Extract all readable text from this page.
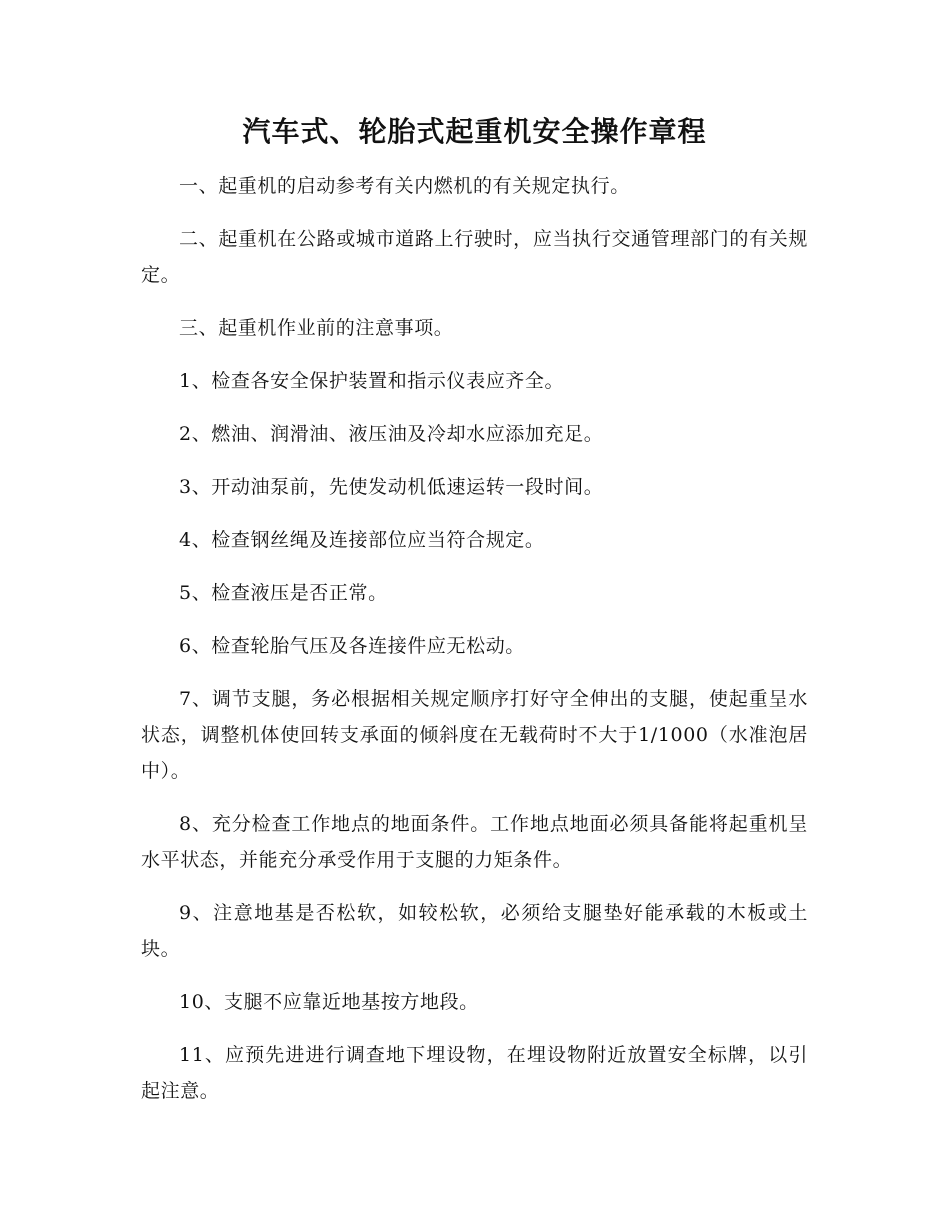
汽车式、轮胎式起重机安全操作章程

一、起重机的启动参考有关内燃机的有关规定执行。

二、起重机在公路或城市道路上行驶时，应当执行交通管理部门的有关规定。

三、起重机作业前的注意事项。

1、检查各安全保护装置和指示仪表应齐全。

2、燃油、润滑油、液压油及冷却水应添加充足。

3、开动油泵前，先使发动机低速运转一段时间。

4、检查钢丝绳及连接部位应当符合规定。

5、检查液压是否正常。

6、检查轮胎气压及各连接件应无松动。

7、调节支腿，务必根据相关规定顺序打好守全伸出的支腿，使起重呈水状态，调整机体使回转支承面的倾斜度在无载荷时不大于1/1000（水准泡居中）。

8、充分检查工作地点的地面条件。工作地点地面必须具备能将起重机呈水平状态，并能充分承受作用于支腿的力矩条件。

9、注意地基是否松软，如较松软，必须给支腿垫好能承载的木板或土块。

10、支腿不应靠近地基按方地段。

11、应预先进进行调查地下埋设物，在埋设物附近放置安全标牌，以引起注意。
